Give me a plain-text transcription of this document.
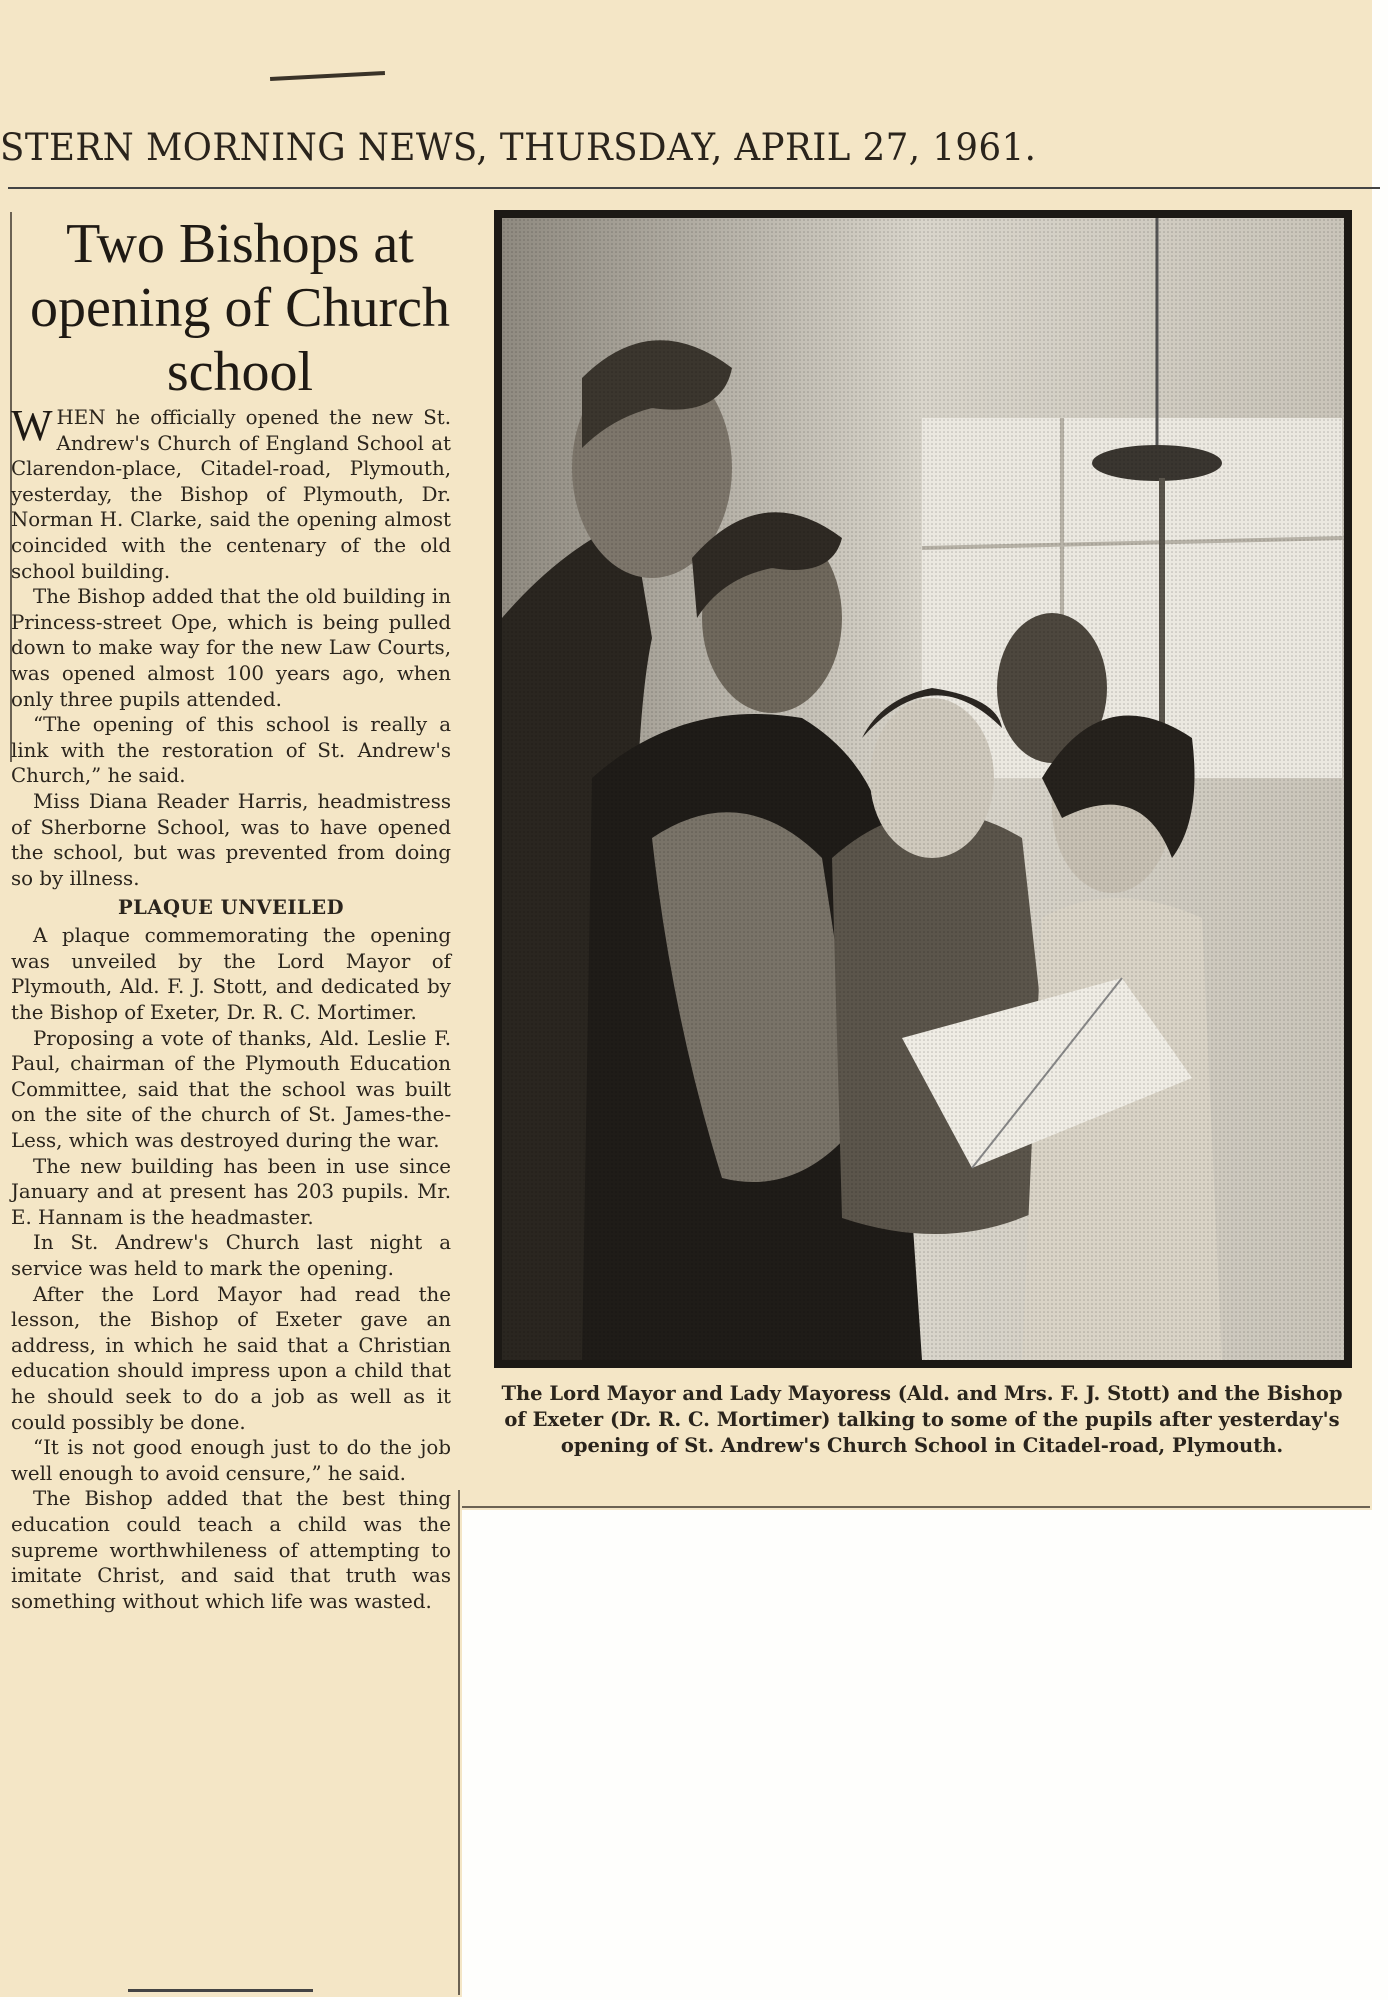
STERN MORNING NEWS, THURSDAY, APRIL 27, 1961.
Two Bishops at opening of Church school

WHEN he officially opened the new St. Andrew's Church of England School at Clarendon-place, Citadel-road, Plymouth, yesterday, the Bishop of Plymouth, Dr. Norman H. Clarke, said the opening almost coincided with the centenary of the old school building.

The Bishop added that the old building in Princess-street Ope, which is being pulled down to make way for the new Law Courts, was opened almost 100 years ago, when only three pupils attended.

“The opening of this school is really a link with the restoration of St. Andrew's Church,” he said.

Miss Diana Reader Harris, headmistress of Sherborne School, was to have opened the school, but was prevented from doing so by illness.

PLAQUE UNVEILED

A plaque commemorating the opening was unveiled by the Lord Mayor of Plymouth, Ald. F. J. Stott, and dedicated by the Bishop of Exeter, Dr. R. C. Mortimer.

Proposing a vote of thanks, Ald. Leslie F. Paul, chairman of the Plymouth Education Committee, said that the school was built on the site of the church of St. James-the-Less, which was destroyed during the war.

The new building has been in use since January and at present has 203 pupils. Mr. E. Hannam is the headmaster.

In St. Andrew's Church last night a service was held to mark the opening.

After the Lord Mayor had read the lesson, the Bishop of Exeter gave an address, in which he said that a Christian education should impress upon a child that he should seek to do a job as well as it could possibly be done.

“It is not good enough just to do the job well enough to avoid censure,” he said.

The Bishop added that the best thing education could teach a child was the supreme worthwhileness of attempting to imitate Christ, and said that truth was something without which life was wasted.

The Lord Mayor and Lady Mayoress (Ald. and Mrs. F. J. Stott) and the Bishop of Exeter (Dr. R. C. Mortimer) talking to some of the pupils after yesterday's opening of St. Andrew's Church School in Citadel-road, Plymouth.
